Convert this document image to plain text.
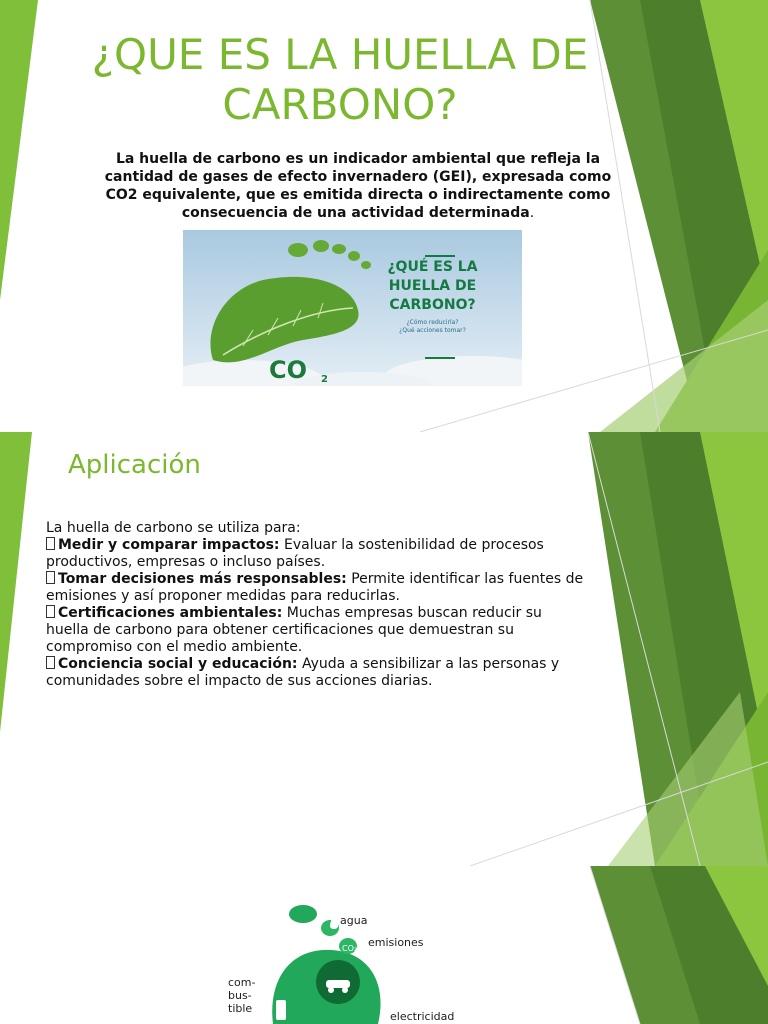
¿QUE ES LA HUELLA DE CARBONO?

La huella de carbono es un indicador ambiental que refleja la cantidad de gases de efecto invernadero (GEI), expresada como CO2 equivalente, que es emitida directa o indirectamente como consecuencia de una actividad determinada.

CO 2

¿QUÉ ES LA HUELLA DE CARBONO?

¿Cómo reducirla?

¿Qué acciones tomar?

Aplicación

La huella de carbono se utiliza para:

Medir y comparar impactos: Evaluar la sostenibilidad de procesos productivos, empresas o incluso países.

Tomar decisiones más responsables: Permite identificar las fuentes de emisiones y así proponer medidas para reducirlas.

Certificaciones ambientales: Muchas empresas buscan reducir su huella de carbono para obtener certificaciones que demuestran su compromiso con el medio ambiente.

Conciencia social y educación: Ayuda a sensibilizar a las personas y comunidades sobre el impacto de sus acciones diarias.

agua
emisiones
CO₂
com-
bus-
tible
electricidad
